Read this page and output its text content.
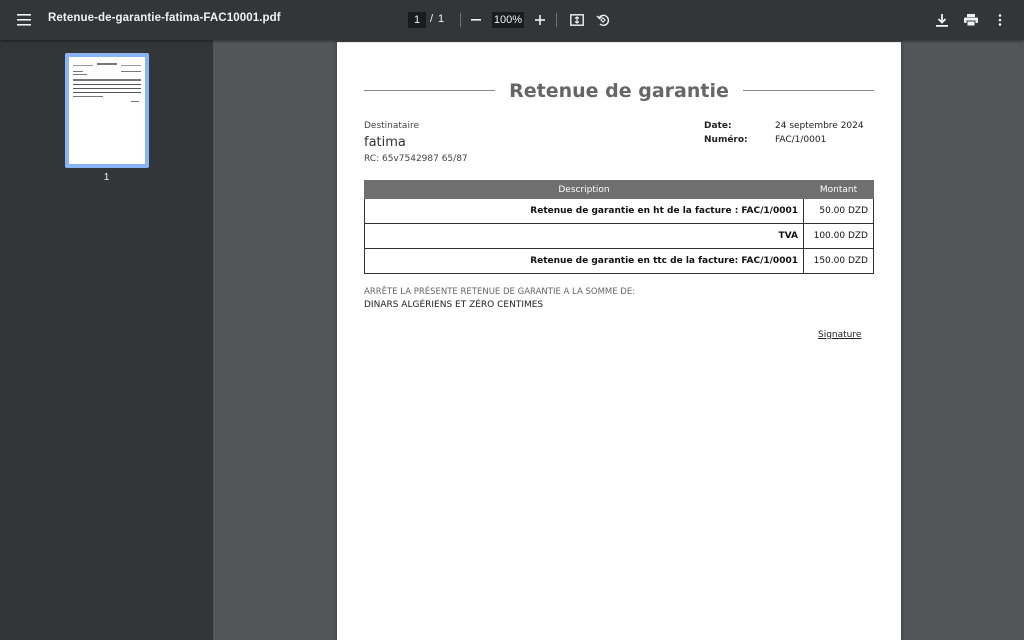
Retenue-de-garantie-fatima-FAC10001.pdf	1 / 1	100%
1
Retenue de garantie
Destinataire
fatima
RC: 65v7542987 65/87
Date:	24 septembre 2024
Numéro:	FAC/1/0001
Description	Montant
Retenue de garantie en ht de la facture : FAC/1/0001	50.00 DZD
TVA	100.00 DZD
Retenue de garantie en ttc de la facture: FAC/1/0001	150.00 DZD
ARRÊTE LA PRÉSENTE RETENUE DE GARANTIE A LA SOMME DE:
DINARS ALGÉRIENS ET ZÉRO CENTIMES
Signature
